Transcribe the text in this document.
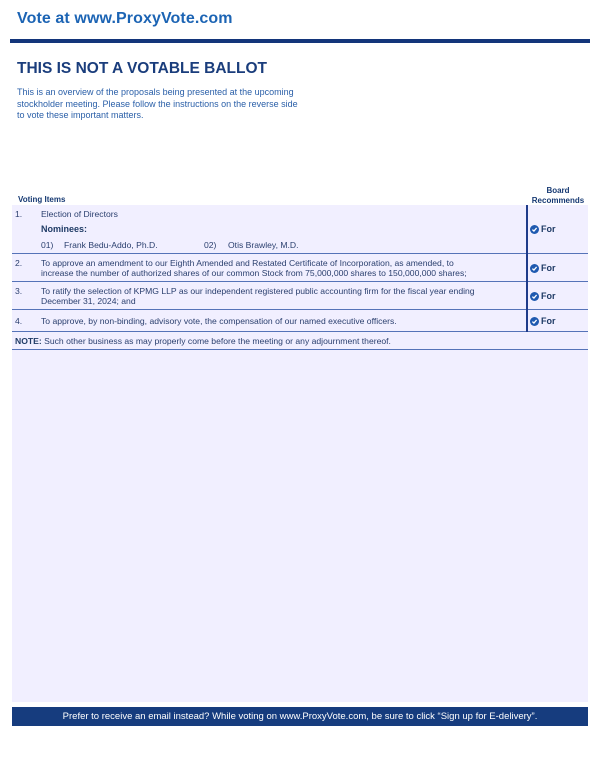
Vote at www.ProxyVote.com
THIS IS NOT A VOTABLE BALLOT
This is an overview of the proposals being presented at the upcoming stockholder meeting. Please follow the instructions on the reverse side to vote these important matters.
Voting Items
Board
Recommends
1. Election of Directors
Nominees:
01) Frank Bedu-Addo, Ph.D.	02) Otis Brawley, M.D.
For
2. To approve an amendment to our Eighth Amended and Restated Certificate of Incorporation, as amended, to
increase the number of authorized shares of our common Stock from 75,000,000 shares to 150,000,000 shares;	For
3. To ratify the selection of KPMG LLP as our independent registered public accounting firm for the fiscal year ending
December 31, 2024; and	For
4. To approve, by non-binding, advisory vote, the compensation of our named executive officers.	For
NOTE: Such other business as may properly come before the meeting or any adjournment thereof.
Prefer to receive an email instead? While voting on www.ProxyVote.com, be sure to click “Sign up for E-delivery”.
